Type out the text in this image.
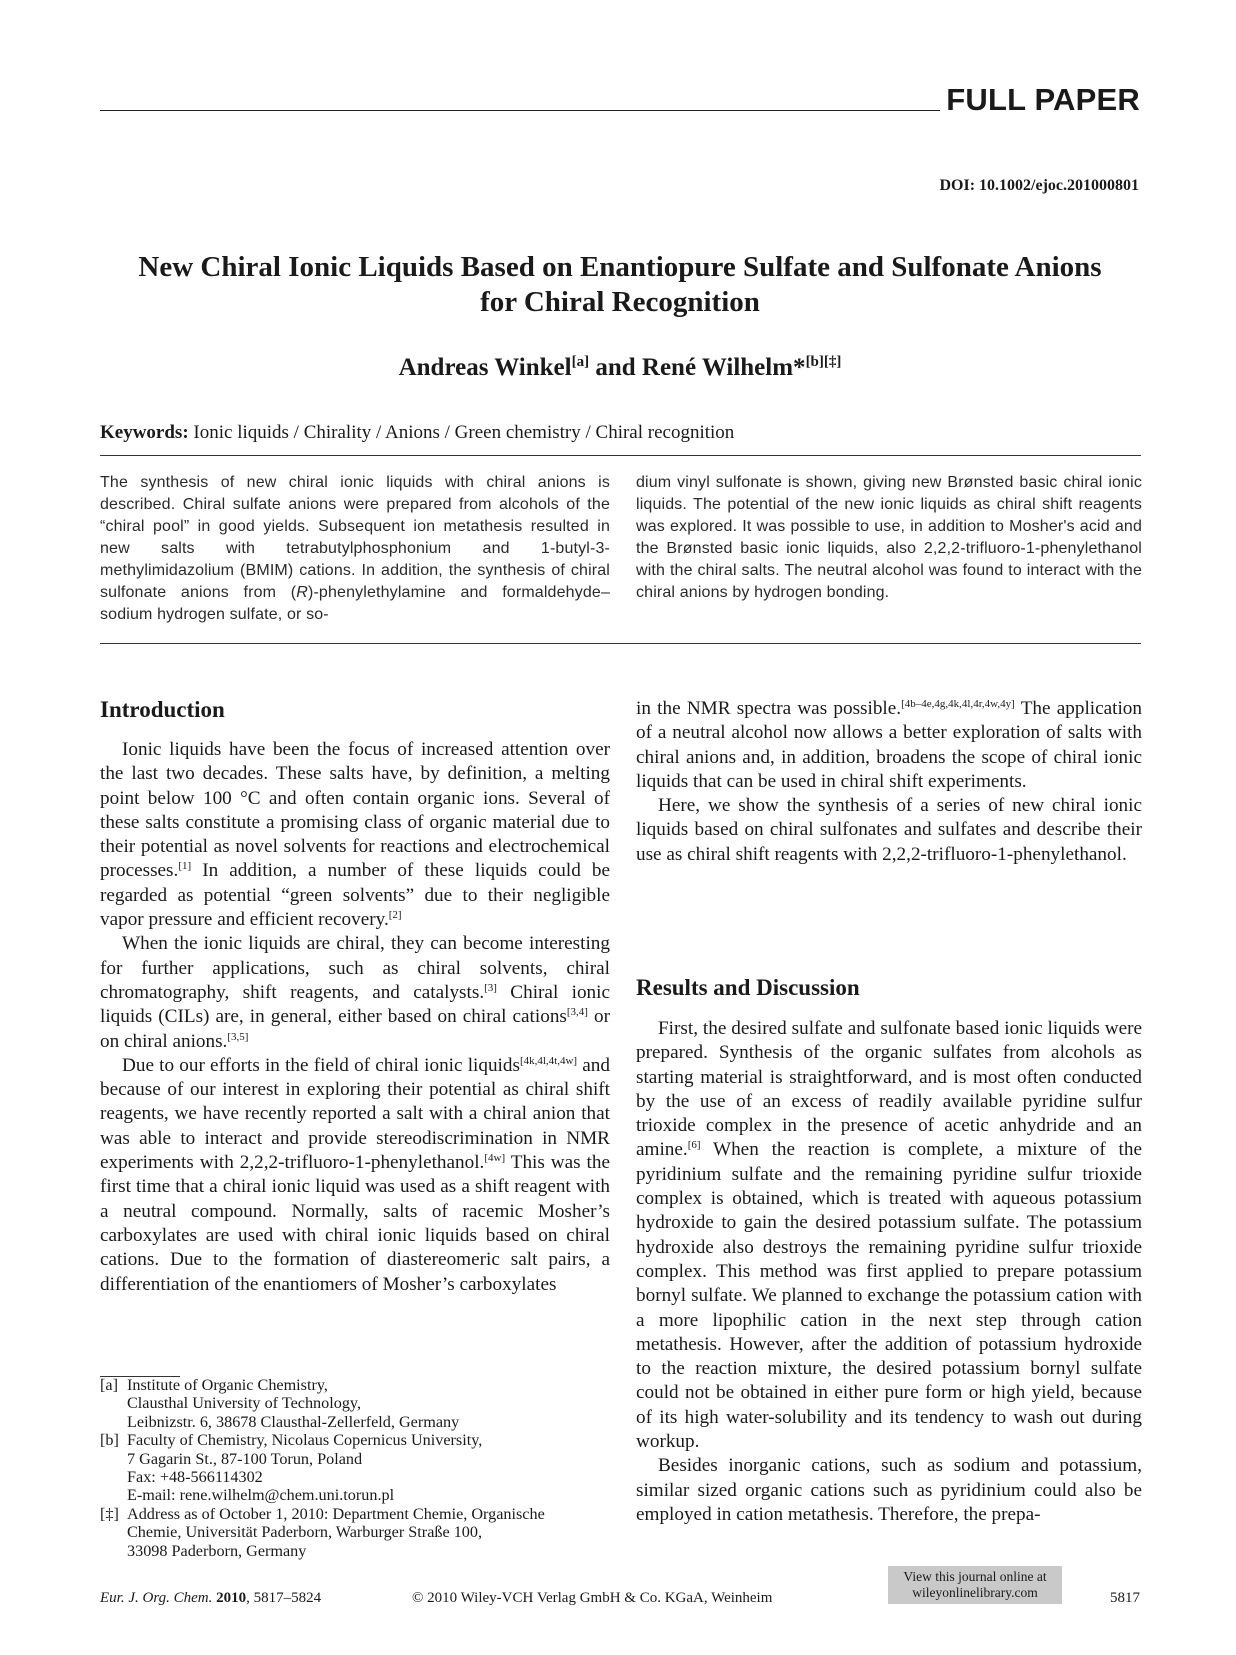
FULL PAPER
DOI: 10.1002/ejoc.201000801
New Chiral Ionic Liquids Based on Enantiopure Sulfate and Sulfonate Anions
for Chiral Recognition
Andreas Winkel[a] and René Wilhelm*[b][‡]
Keywords: Ionic liquids / Chirality / Anions / Green chemistry / Chiral recognition
The synthesis of new chiral ionic liquids with chiral anions is described. Chiral sulfate anions were prepared from alcohols of the “chiral pool” in good yields. Subsequent ion metathesis resulted in new salts with tetrabutylphosphonium and 1-butyl-3-methylimidazolium (BMIM) cations. In addition, the synthesis of chiral sulfonate anions from (R)-phenylethylamine and formaldehyde–sodium hydrogen sulfate, or so-
dium vinyl sulfonate is shown, giving new Brønsted basic chiral ionic liquids. The potential of the new ionic liquids as chiral shift reagents was explored. It was possible to use, in addition to Mosher's acid and the Brønsted basic ionic liquids, also 2,2,2-trifluoro-1-phenylethanol with the chiral salts. The neutral alcohol was found to interact with the chiral anions by hydrogen bonding.
Introduction

Ionic liquids have been the focus of increased attention over the last two decades. These salts have, by definition, a melting point below 100 °C and often contain organic ions. Several of these salts constitute a promising class of organic material due to their potential as novel solvents for reactions and electrochemical processes.[1] In addition, a number of these liquids could be regarded as potential “green solvents” due to their negligible vapor pressure and efficient recovery.[2]

When the ionic liquids are chiral, they can become interesting for further applications, such as chiral solvents, chiral chromatography, shift reagents, and catalysts.[3] Chiral ionic liquids (CILs) are, in general, either based on chiral cations[3,4] or on chiral anions.[3,5]

Due to our efforts in the field of chiral ionic liquids[4k,4l,4t,4w] and because of our interest in exploring their potential as chiral shift reagents, we have recently reported a salt with a chiral anion that was able to interact and provide stereodiscrimination in NMR experiments with 2,2,2-trifluoro-1-phenylethanol.[4w] This was the first time that a chiral ionic liquid was used as a shift reagent with a neutral compound. Normally, salts of racemic Mosher’s carboxylates are used with chiral ionic liquids based on chiral cations. Due to the formation of diastereomeric salt pairs, a differentiation of the enantiomers of Mosher’s carboxylates

in the NMR spectra was possible.[4b–4e,4g,4k,4l,4r,4w,4y] The application of a neutral alcohol now allows a better exploration of salts with chiral anions and, in addition, broadens the scope of chiral ionic liquids that can be used in chiral shift experiments.

Here, we show the synthesis of a series of new chiral ionic liquids based on chiral sulfonates and sulfates and describe their use as chiral shift reagents with 2,2,2-trifluoro-1-phenylethanol.

Results and Discussion

First, the desired sulfate and sulfonate based ionic liquids were prepared. Synthesis of the organic sulfates from alcohols as starting material is straightforward, and is most often conducted by the use of an excess of readily available pyridine sulfur trioxide complex in the presence of acetic anhydride and an amine.[6] When the reaction is complete, a mixture of the pyridinium sulfate and the remaining pyridine sulfur trioxide complex is obtained, which is treated with aqueous potassium hydroxide to gain the desired potassium sulfate. The potassium hydroxide also destroys the remaining pyridine sulfur trioxide complex. This method was first applied to prepare potassium bornyl sulfate. We planned to exchange the potassium cation with a more lipophilic cation in the next step through cation metathesis. However, after the addition of potassium hydroxide to the reaction mixture, the desired potassium bornyl sulfate could not be obtained in either pure form or high yield, because of its high water-solubility and its tendency to wash out during workup.

Besides inorganic cations, such as sodium and potassium, similar sized organic cations such as pyridinium could also be employed in cation metathesis. Therefore, the prepa-

[a] Institute of Organic Chemistry,
Clausthal University of Technology,
Leibnizstr. 6, 38678 Clausthal-Zellerfeld, Germany
[b] Faculty of Chemistry, Nicolaus Copernicus University,
7 Gagarin St., 87-100 Torun, Poland
Fax: +48-566114302
E-mail: rene.wilhelm@chem.uni.torun.pl
[‡] Address as of October 1, 2010: Department Chemie, Organische
Chemie, Universität Paderborn, Warburger Straße 100,
33098 Paderborn, Germany
Eur. J. Org. Chem. 2010, 5817–5824	© 2010 Wiley-VCH Verlag GmbH & Co. KGaA, Weinheim
View this journal online at
wileyonlinelibrary.com	5817
